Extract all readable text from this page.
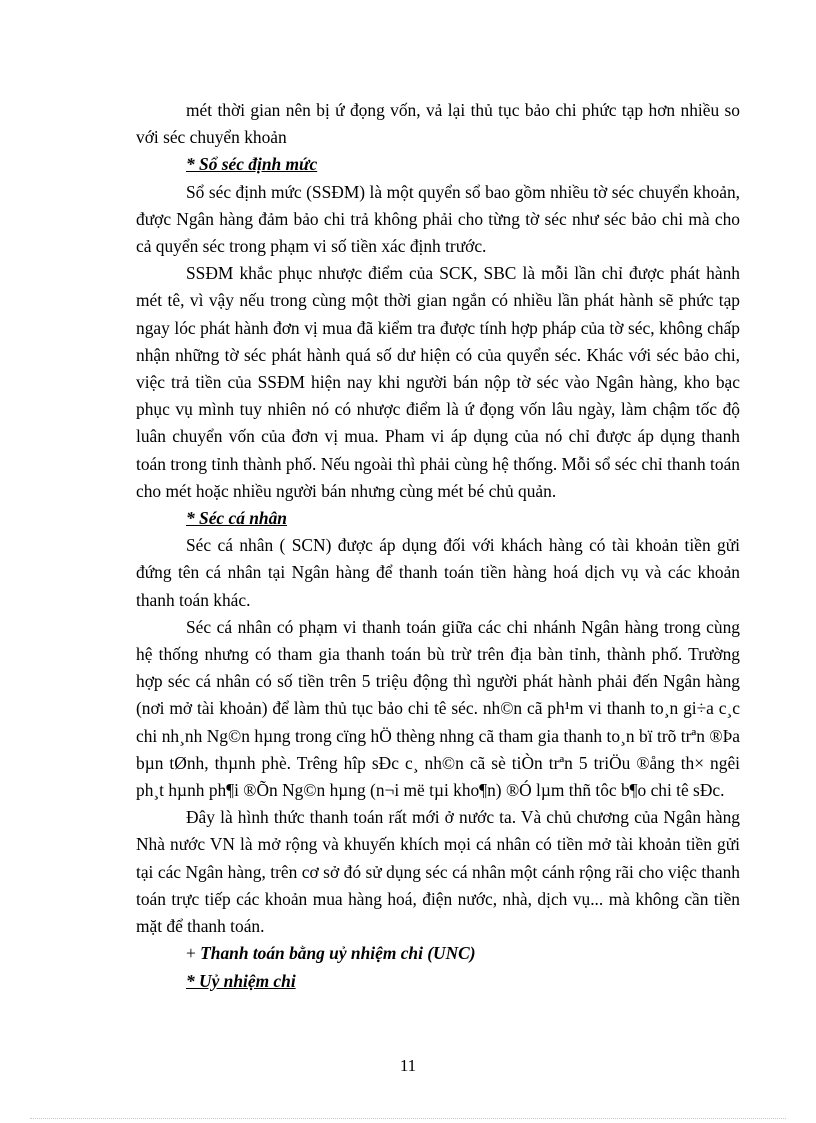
mét thời gian nên bị ứ đọng vốn, vả lại thủ tục bảo chi phức tạp hơn nhiều so với séc chuyển khoản

* Sổ séc định mức

Sổ séc định mức (SSĐM) là một quyển sổ bao gồm nhiều tờ séc chuyển khoản, được Ngân hàng đảm bảo chi trả không phải cho từng tờ séc như séc bảo chi mà cho cả quyển séc trong phạm vi số tiền xác định trước.

SSĐM khắc phục nhược điểm của SCK, SBC là mỗi lần chỉ được phát hành mét tê, vì vậy nếu trong cùng một thời gian ngắn có nhiều lần phát hành sẽ phức tạp ngay lóc phát hành đơn vị mua đã kiểm tra được tính hợp pháp của tờ séc, không chấp nhận những tờ séc phát hành quá số dư hiện có của quyển séc. Khác với séc bảo chi, việc trả tiền của SSĐM hiện nay khi người bán nộp tờ séc vào Ngân hàng, kho bạc phục vụ mình tuy nhiên nó có nhược điểm là ứ đọng vốn lâu ngày, làm chậm tốc độ luân chuyển vốn của đơn vị mua. Pham vi áp dụng của nó chỉ được áp dụng thanh toán trong tỉnh thành phố. Nếu ngoài thì phải cùng hệ thống. Mỗi sổ séc chỉ thanh toán cho mét hoặc nhiều người bán nhưng cùng mét bé chủ quản.

* Séc cá nhân

Séc cá nhân ( SCN) được áp dụng đối với khách hàng có tài khoản tiền gửi đứng tên cá nhân tại Ngân hàng để thanh toán tiền hàng hoá dịch vụ và các khoản thanh toán khác.

Séc cá nhân có phạm vi thanh toán giữa các chi nhánh Ngân hàng trong cùng hệ thống nhưng có tham gia thanh toán bù trừ trên địa bàn tỉnh, thành phố. Trường hợp séc cá nhân có số tiền trên 5 triệu động thì người phát hành phải đến Ngân hàng (nơi mở tài khoản) để làm thủ tục bảo chi tê séc. nh©n cã ph¹m vi thanh to¸n gi÷a c¸c chi nh¸nh Ng©n hµng trong cïng hÖ thèng nhng cã tham gia thanh to¸n bï trõ trªn ®Þa bµn tØnh, thµnh phè. Trêng hîp sÐc c¸ nh©n cã sè tiÒn trªn 5 triÖu ®ång th× ngêi ph¸t hµnh ph¶i ®Õn Ng©n hµng (n¬i më tµi kho¶n) ®Ó lµm thñ tôc b¶o chi tê sÐc.

Đây là hình thức thanh toán rất mới ở nước ta. Và chủ chương của Ngân hàng Nhà nước VN là mở rộng và khuyến khích mọi cá nhân có tiền mở tài khoản tiền gửi tại các Ngân hàng, trên cơ sở đó sử dụng séc cá nhân một cánh rộng rãi cho việc thanh toán trực tiếp các khoản mua hàng hoá, điện nước, nhà, dịch vụ... mà không cần tiền mặt để thanh toán.

+ Thanh toán bằng uỷ nhiệm chi (UNC)

* Uỷ nhiệm chi

11
